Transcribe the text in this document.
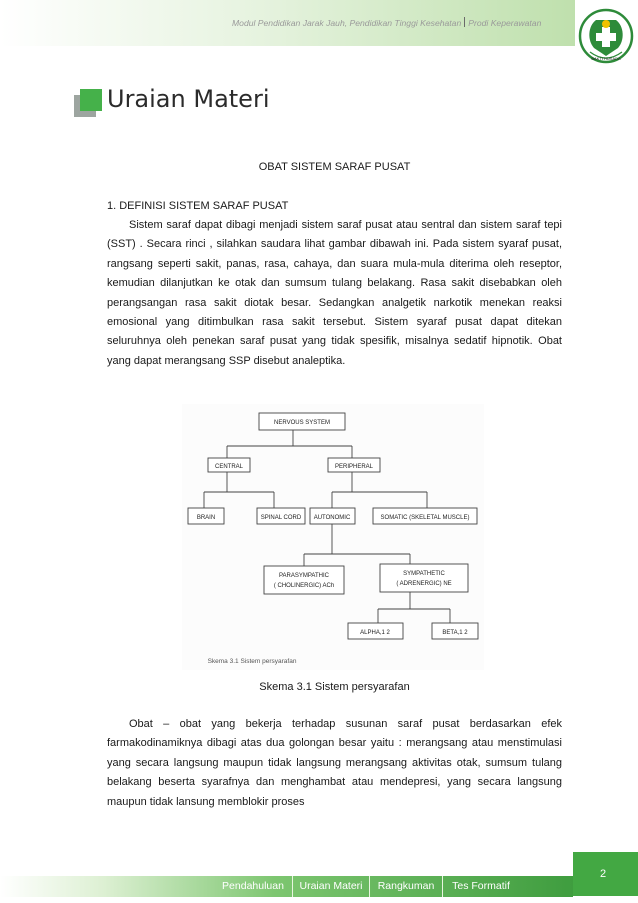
Modul Pendidikan Jarak Jauh, Pendidikan Tinggi Kesehatan Prodi Keperawatan
BAKTI HUSADA
Uraian Materi
OBAT SISTEM SARAF PUSAT
1. DEFINISI SISTEM SARAF PUSAT
Sistem saraf dapat dibagi menjadi sistem saraf pusat atau sentral dan sistem saraf tepi (SST) . Secara rinci , silahkan saudara lihat gambar dibawah ini. Pada sistem syaraf pusat, rangsang seperti sakit, panas, rasa, cahaya, dan suara mula-mula diterima oleh reseptor, kemudian dilanjutkan ke otak dan sumsum tulang belakang. Rasa sakit disebabkan oleh perangsangan rasa sakit diotak besar. Sedangkan analgetik narkotik menekan reaksi emosional yang ditimbulkan rasa sakit tersebut. Sistem syaraf pusat dapat ditekan seluruhnya oleh penekan saraf pusat yang tidak spesifik, misalnya sedatif hipnotik. Obat yang dapat merangsang SSP disebut analeptika.
NERVOUS SYSTEM
CENTRAL	PERIPHERAL
BRAIN	SPINAL CORD AUTONOMIC	SOMATIC (SKELETAL MUSCLE)
PARASYMPATHIC
( CHOLINERGIC) ACh
SYMPATHETIC
( ADRENERGIC) NE
ALPHA,1 2	BETA,1 2
Skema 3.1 Sistem persyarafan
Skema 3.1 Sistem persyarafan
Obat – obat yang bekerja terhadap susunan saraf pusat berdasarkan efek farmakodinamiknya dibagi atas dua golongan besar yaitu : merangsang atau menstimulasi yang secara langsung maupun tidak langsung merangsang aktivitas otak, sumsum tulang belakang beserta syarafnya dan menghambat atau mendepresi, yang secara langsung maupun tidak lansung memblokir proses
Pendahuluan	Uraian Materi	Rangkuman	Tes Formatif
2
